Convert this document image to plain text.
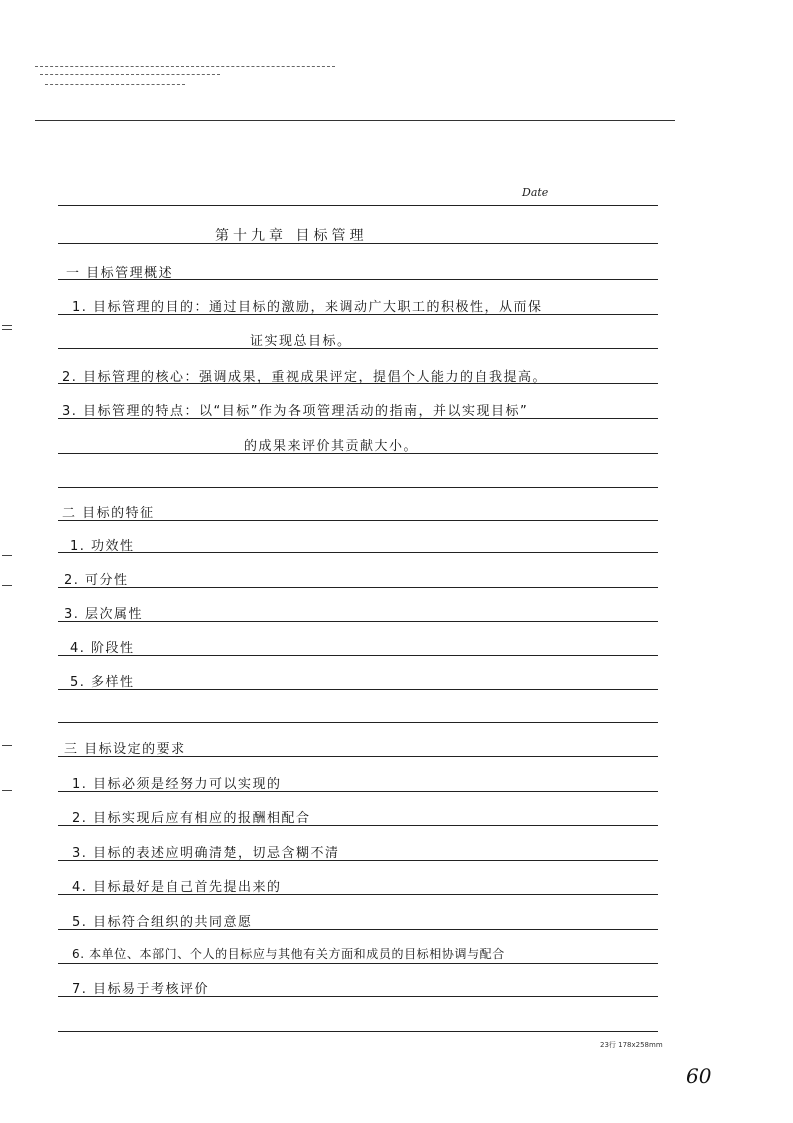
Date
第十九章 目标管理
一 目标管理概述
1. 目标管理的目的：通过目标的激励，来调动广大职工的积极性，从而保
证实现总目标。
2. 目标管理的核心：强调成果，重视成果评定，提倡个人能力的自我提高。
3. 目标管理的特点：以“目标”作为各项管理活动的指南，并以实现目标”
的成果来评价其贡献大小。
二 目标的特征
1. 功效性
2. 可分性
3. 层次属性
4. 阶段性
5. 多样性
三 目标设定的要求
1. 目标必须是经努力可以实现的
2. 目标实现后应有相应的报酬相配合
3. 目标的表述应明确清楚，切忌含糊不清
4. 目标最好是自己首先提出来的
5. 目标符合组织的共同意愿
6. 本单位、本部门、个人的目标应与其他有关方面和成员的目标相协调与配合
7. 目标易于考核评价
23行 178x258mm
60
